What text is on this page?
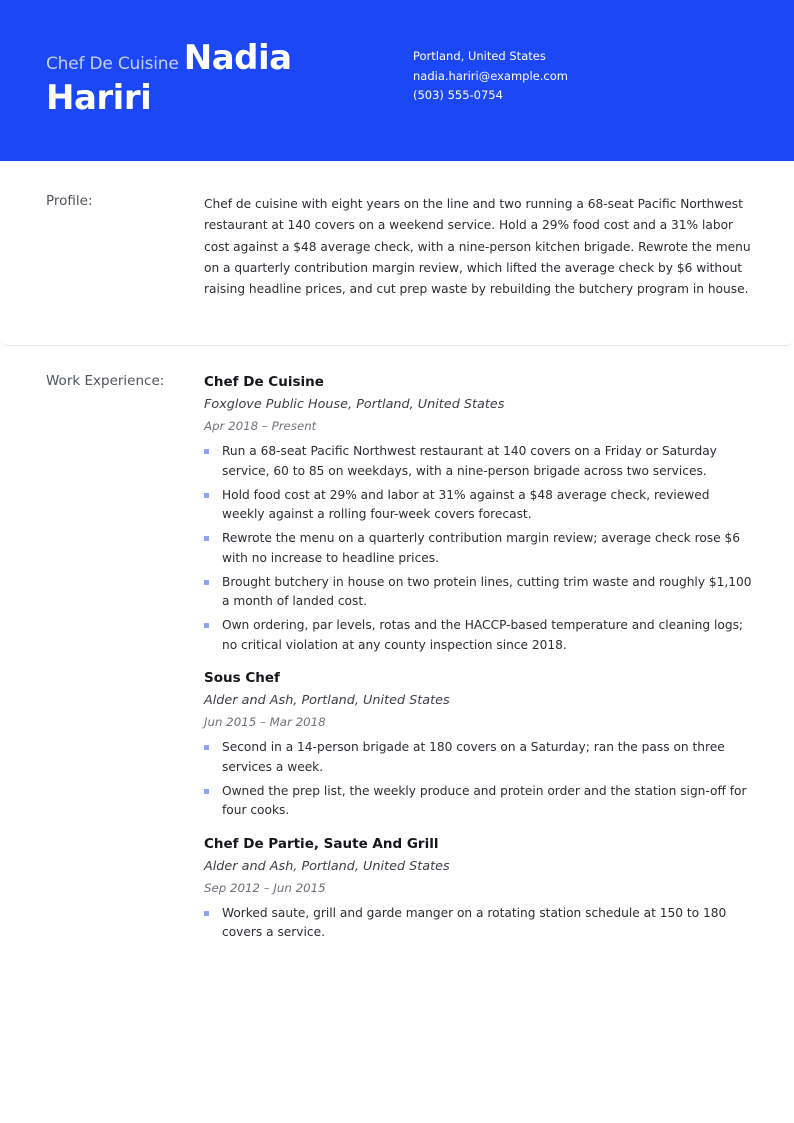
Chef De Cuisine Nadia
Hariri
Portland, United States
nadia.hariri@example.com
(503) 555-0754
Profile:	Chef de cuisine with eight years on the line and two running a 68-seat Pacific Northwest restaurant at 140 covers on a weekend service. Hold a 29% food cost and a 31% labor cost against a $48 average check, with a nine-person kitchen brigade. Rewrote the menu on a quarterly contribution margin review, which lifted the average check by $6 without raising headline prices, and cut prep waste by rebuilding the butchery program in house.
Work Experience:	Chef De Cuisine
Foxglove Public House, Portland, United States
Apr 2018 – Present
Run a 68-seat Pacific Northwest restaurant at 140 covers on a Friday or Saturday service, 60 to 85 on weekdays, with a nine-person brigade across two services.
Hold food cost at 29% and labor at 31% against a $48 average check, reviewed weekly against a rolling four-week covers forecast.
Rewrote the menu on a quarterly contribution margin review; average check rose $6 with no increase to headline prices.
Brought butchery in house on two protein lines, cutting trim waste and roughly $1,100 a month of landed cost.
Own ordering, par levels, rotas and the HACCP-based temperature and cleaning logs; no critical violation at any county inspection since 2018.
Sous Chef
Alder and Ash, Portland, United States
Jun 2015 – Mar 2018
Second in a 14-person brigade at 180 covers on a Saturday; ran the pass on three services a week.
Owned the prep list, the weekly produce and protein order and the station sign-off for four cooks.
Chef De Partie, Saute And Grill
Alder and Ash, Portland, United States
Sep 2012 – Jun 2015
Worked saute, grill and garde manger on a rotating station schedule at 150 to 180 covers a service.
